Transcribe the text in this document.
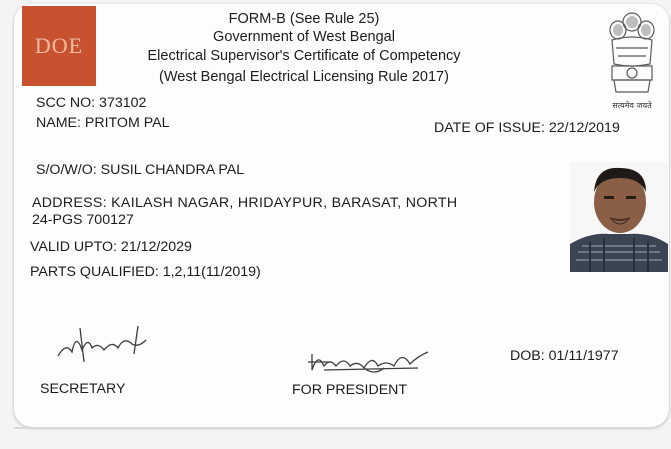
DOE
FORM-B (See Rule 25)
Government of West Bengal
Electrical Supervisor's Certificate of Competency
(West Bengal Electrical Licensing Rule 2017)
सत्यमेव जयते
SCC NO: 373102
NAME: PRITOM PAL	DATE OF ISSUE: 22/12/2019
S/O/W/O: SUSIL CHANDRA PAL
ADDRESS: KAILASH NAGAR, HRIDAYPUR, BARASAT, NORTH
24-PGS 700127
VALID UPTO: 21/12/2029
PARTS QUALIFIED: 1,2,11(11/2019)
SECRETARY	FOR PRESIDENT
DOB: 01/11/1977
